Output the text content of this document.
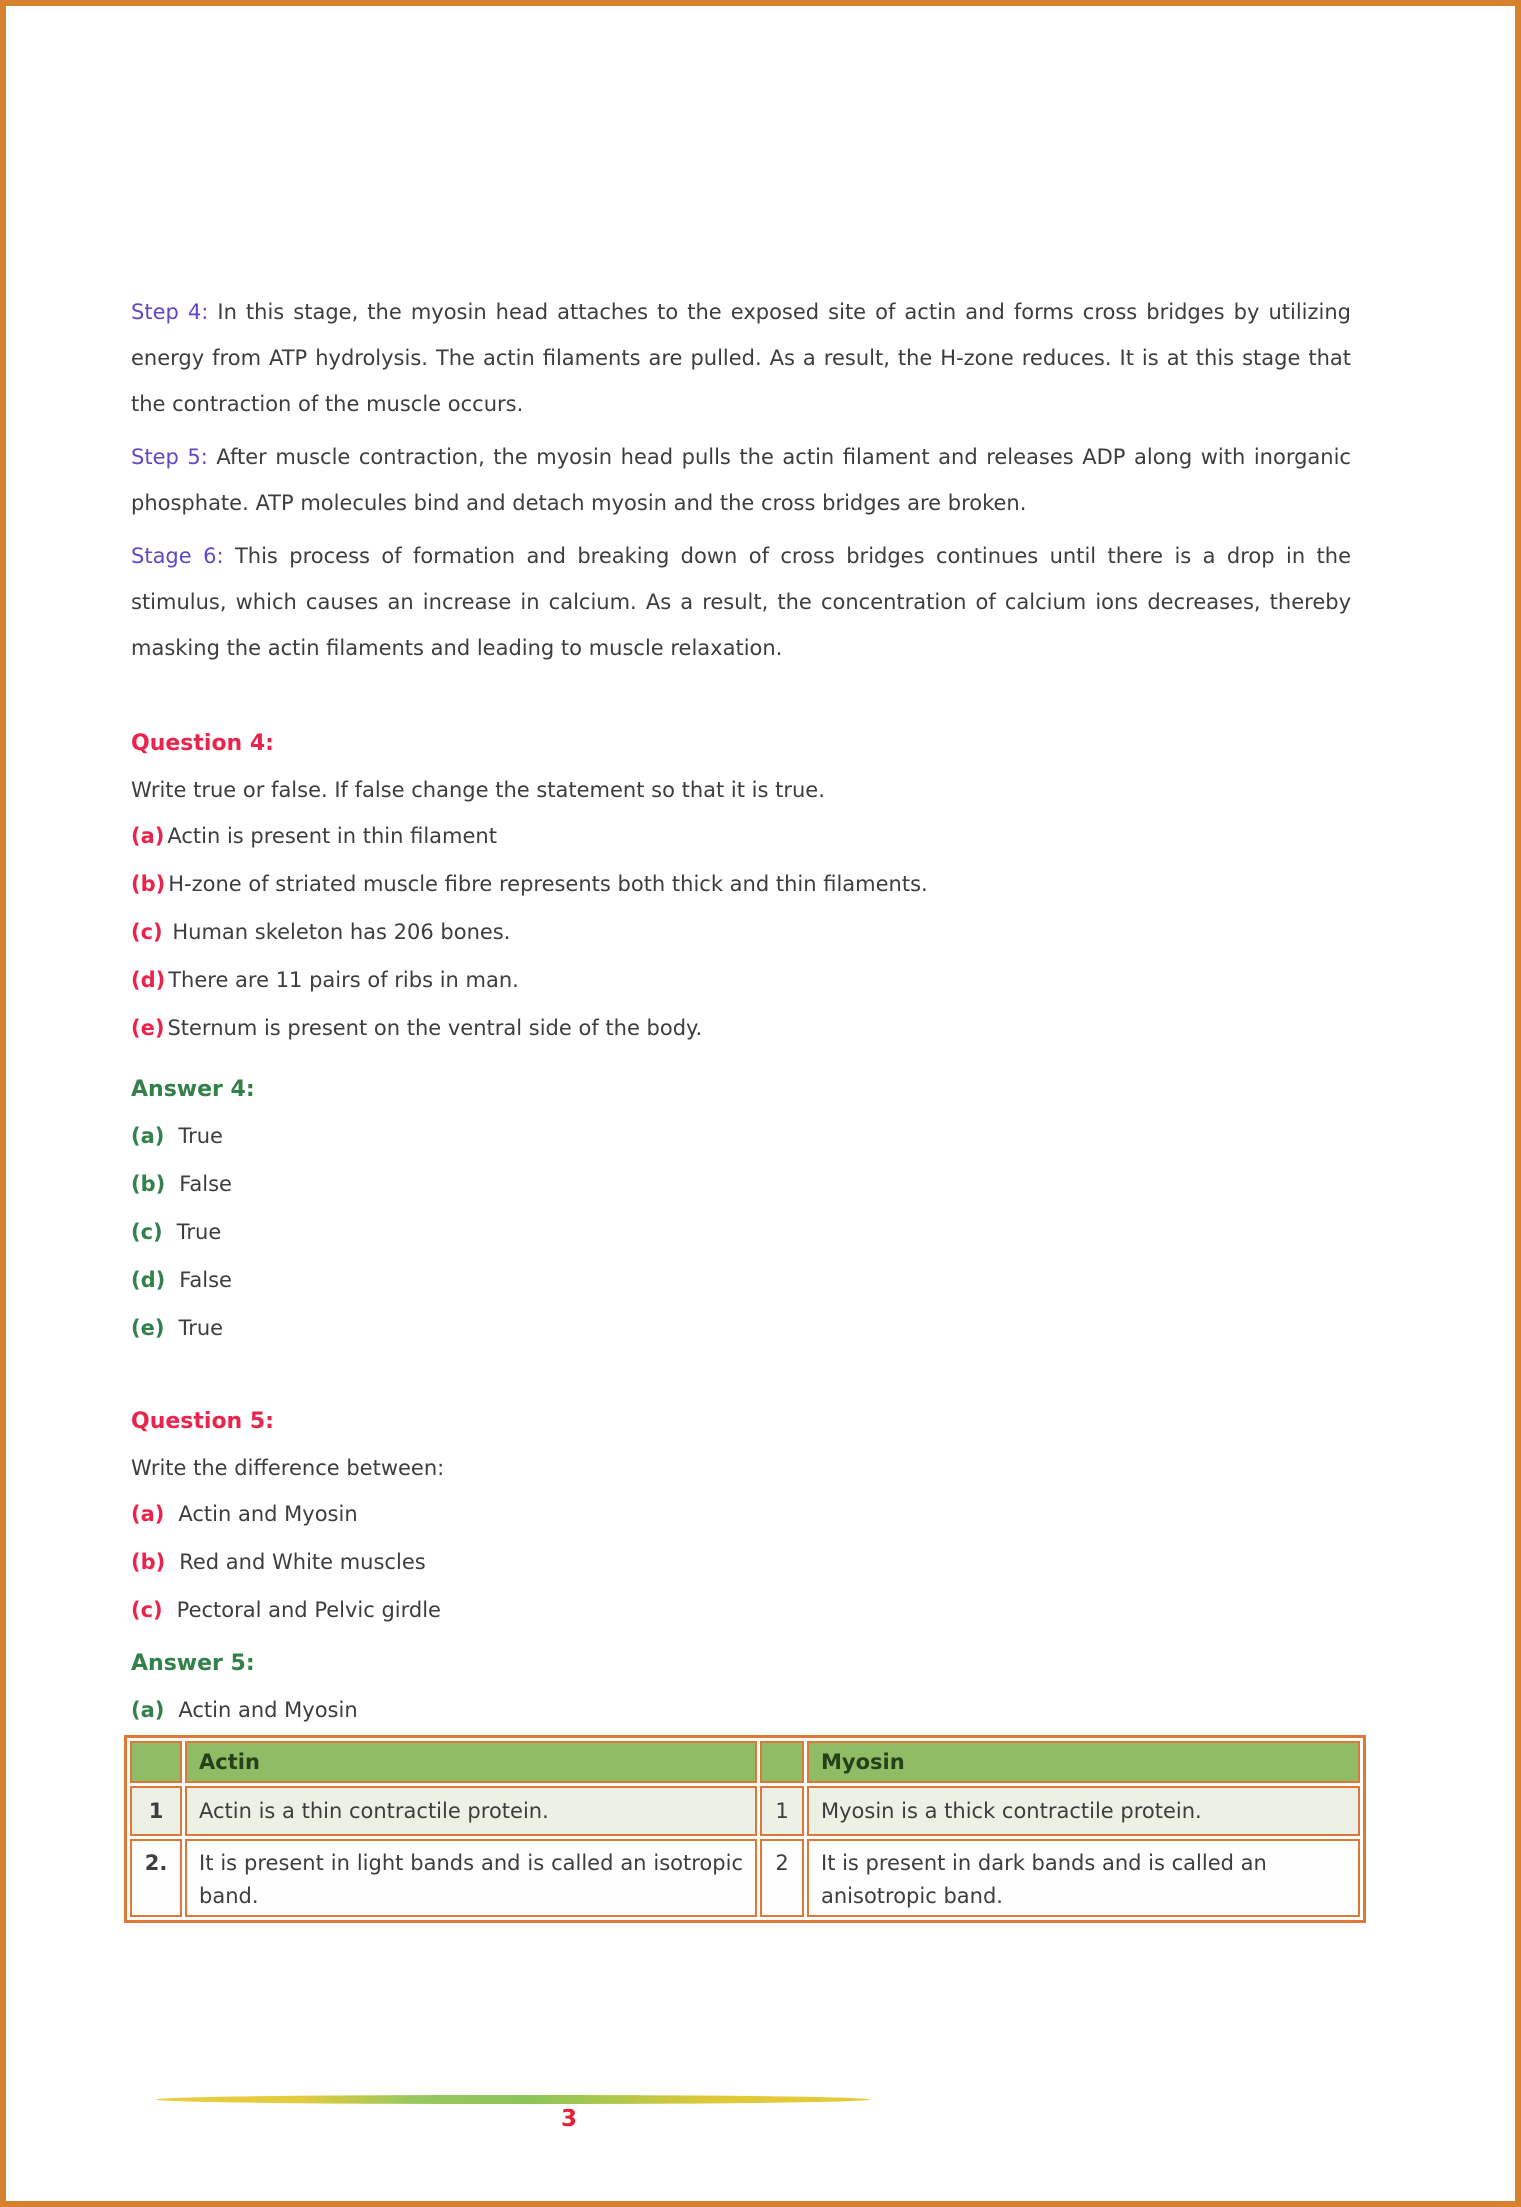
Step 4: In this stage, the myosin head attaches to the exposed site of actin and forms cross bridges by utilizing energy from ATP hydrolysis. The actin filaments are pulled. As a result, the H-zone reduces. It is at this stage that the contraction of the muscle occurs.

Step 5: After muscle contraction, the myosin head pulls the actin filament and releases ADP along with inorganic phosphate. ATP molecules bind and detach myosin and the cross bridges are broken.

Stage 6: This process of formation and breaking down of cross bridges continues until there is a drop in the stimulus, which causes an increase in calcium. As a result, the concentration of calcium ions decreases, thereby masking the actin filaments and leading to muscle relaxation.

Question 4:

Write true or false. If false change the statement so that it is true.

(a) Actin is present in thin filament
(b) H-zone of striated muscle fibre represents both thick and thin filaments.
(c) Human skeleton has 206 bones.
(d) There are 11 pairs of ribs in man.
(e) Sternum is present on the ventral side of the body.
Answer 4:
(a) True
(b) False
(c) True
(d) False
(e) True
Question 5:

Write the difference between:

(a) Actin and Myosin
(b) Red and White muscles
(c) Pectoral and Pelvic girdle
Answer 5:
(a) Actin and Myosin
	Actin		Myosin
1	Actin is a thin contractile protein.	1	Myosin is a thick contractile protein.
2.	It is present in light bands and is called an isotropic band.	2	It is present in dark bands and is called an anisotropic band.
3
